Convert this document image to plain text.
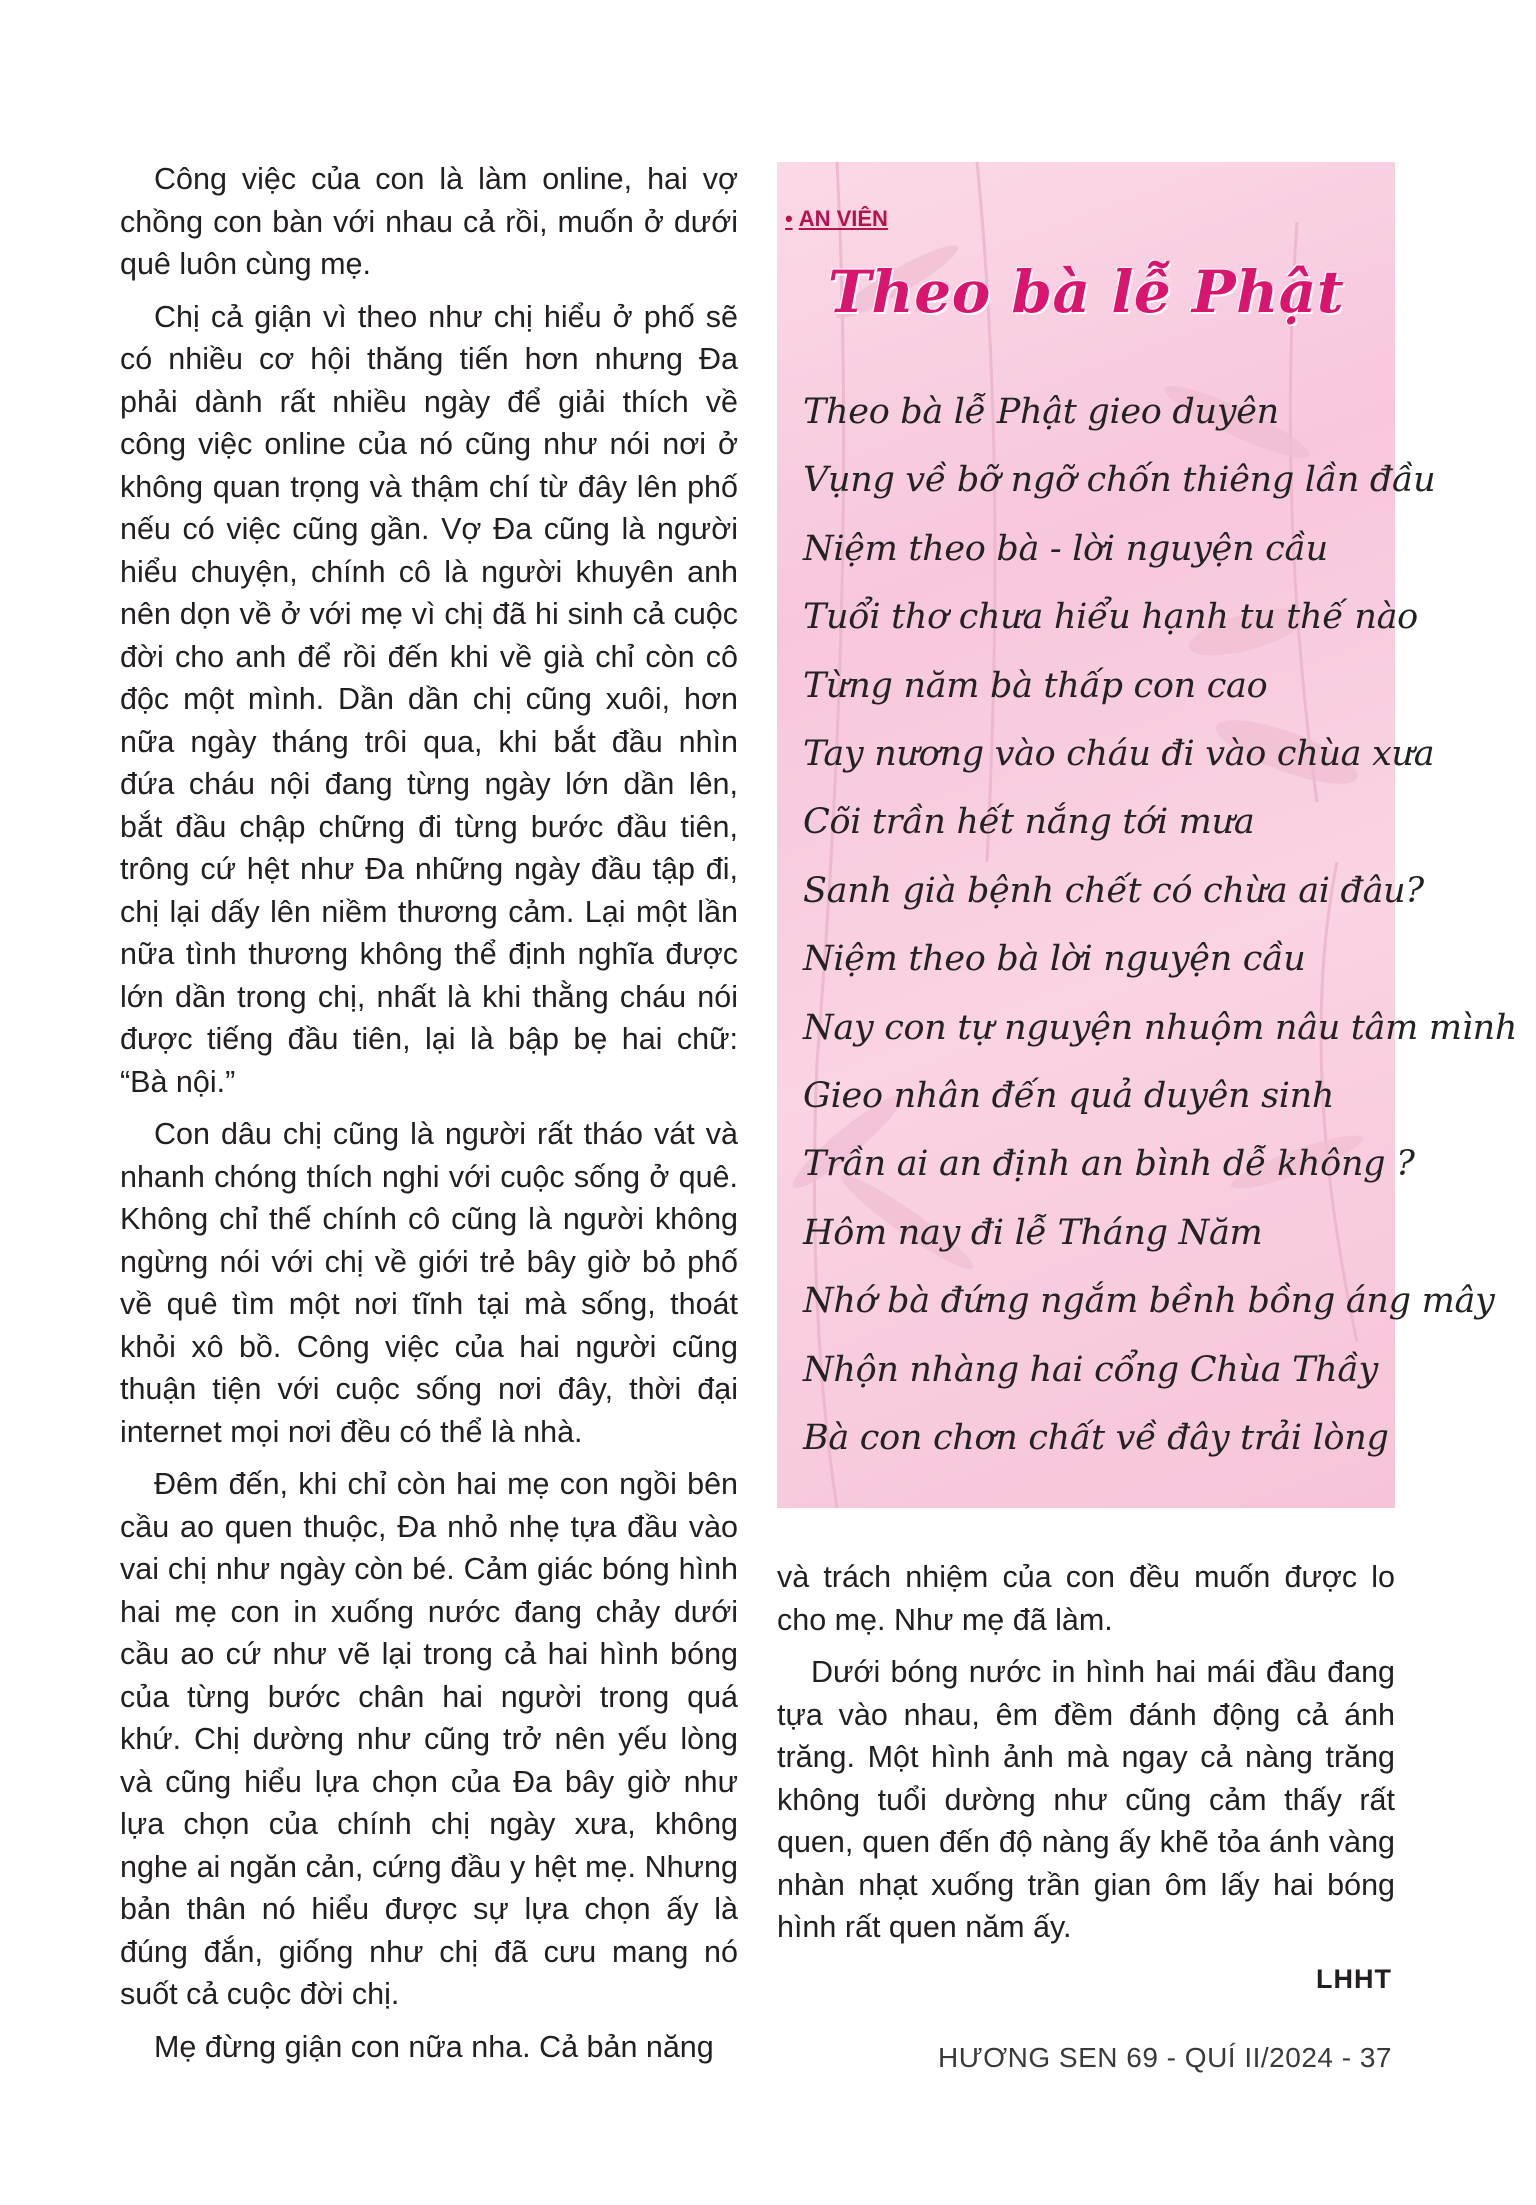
Công việc của con là làm online, hai vợ chồng con bàn với nhau cả rồi, muốn ở dưới quê luôn cùng mẹ.

Chị cả giận vì theo như chị hiểu ở phố sẽ có nhiều cơ hội thăng tiến hơn nhưng Đa phải dành rất nhiều ngày để giải thích về công việc online của nó cũng như nói nơi ở không quan trọng và thậm chí từ đây lên phố nếu có việc cũng gần. Vợ Đa cũng là người hiểu chuyện, chính cô là người khuyên anh nên dọn về ở với mẹ vì chị đã hi sinh cả cuộc đời cho anh để rồi đến khi về già chỉ còn cô độc một mình. Dần dần chị cũng xuôi, hơn nữa ngày tháng trôi qua, khi bắt đầu nhìn đứa cháu nội đang từng ngày lớn dần lên, bắt đầu chập chững đi từng bước đầu tiên, trông cứ hệt như Đa những ngày đầu tập đi, chị lại dấy lên niềm thương cảm. Lại một lần nữa tình thương không thể định nghĩa được lớn dần trong chị, nhất là khi thằng cháu nói được tiếng đầu tiên, lại là bập bẹ hai chữ: “Bà nội.”

Con dâu chị cũng là người rất tháo vát và nhanh chóng thích nghi với cuộc sống ở quê. Không chỉ thế chính cô cũng là người không ngừng nói với chị về giới trẻ bây giờ bỏ phố về quê tìm một nơi tĩnh tại mà sống, thoát khỏi xô bồ. Công việc của hai người cũng thuận tiện với cuộc sống nơi đây, thời đại internet mọi nơi đều có thể là nhà.

Đêm đến, khi chỉ còn hai mẹ con ngồi bên cầu ao quen thuộc, Đa nhỏ nhẹ tựa đầu vào vai chị như ngày còn bé. Cảm giác bóng hình hai mẹ con in xuống nước đang chảy dưới cầu ao cứ như vẽ lại trong cả hai hình bóng của từng bước chân hai người trong quá khứ. Chị dường như cũng trở nên yếu lòng và cũng hiểu lựa chọn của Đa bây giờ như lựa chọn của chính chị ngày xưa, không nghe ai ngăn cản, cứng đầu y hệt mẹ. Nhưng bản thân nó hiểu được sự lựa chọn ấy là đúng đắn, giống như chị đã cưu mang nó suốt cả cuộc đời chị.

Mẹ đừng giận con nữa nha. Cả bản năng

• AN VIÊN
Theo bà lễ Phật
Theo bà lễ Phật gieo duyên
Vụng về bỡ ngỡ chốn thiêng lần đầu
Niệm theo bà - lời nguyện cầu
Tuổi thơ chưa hiểu hạnh tu thế nào
Từng năm bà thấp con cao
Tay nương vào cháu đi vào chùa xưa
Cõi trần hết nắng tới mưa
Sanh già bệnh chết có chừa ai đâu?
Niệm theo bà lời nguyện cầu
Nay con tự nguyện nhuộm nâu tâm mình
Gieo nhân đến quả duyên sinh
Trần ai an định an bình dễ không ?
Hôm nay đi lễ Tháng Năm
Nhớ bà đứng ngắm bềnh bồng áng mây
Nhộn nhàng hai cổng Chùa Thầy
Bà con chơn chất về đây trải lòng

và trách nhiệm của con đều muốn được lo cho mẹ. Như mẹ đã làm.

Dưới bóng nước in hình hai mái đầu đang tựa vào nhau, êm đềm đánh động cả ánh trăng. Một hình ảnh mà ngay cả nàng trăng không tuổi dường như cũng cảm thấy rất quen, quen đến độ nàng ấy khẽ tỏa ánh vàng nhàn nhạt xuống trần gian ôm lấy hai bóng hình rất quen năm ấy.

LHHT
HƯƠNG SEN 69 - QUÍ II/2024 - 37
